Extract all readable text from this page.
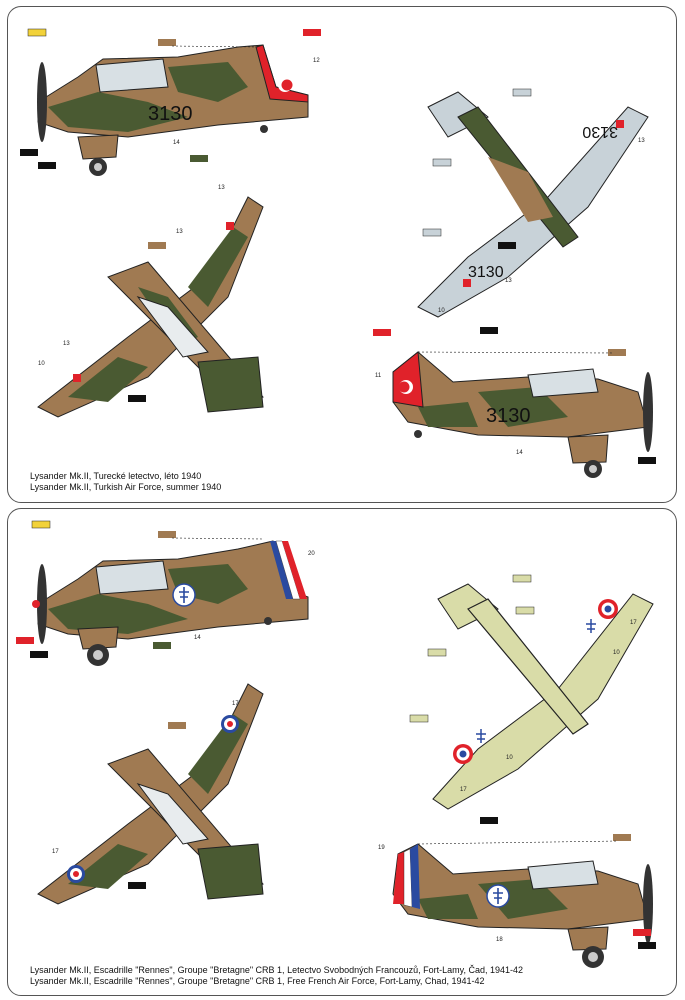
3130
12
14
13
13
10
13
3130
3130
13
10
13
3130
11
14
Lysander Mk.II, Turecké letectvo, léto 1940
Lysander Mk.II, Turkish Air Force, summer 1940
20
14
17
17
17
10
10
17
19
18
Lysander Mk.II, Escadrille "Rennes", Groupe "Bretagne" CRB 1, Letectvo Svobodných Francouzů, Fort-Lamy, Čad, 1941-42
Lysander Mk.II, Escadrille "Rennes", Groupe "Bretagne" CRB 1, Free French Air Force, Fort-Lamy, Chad, 1941-42
